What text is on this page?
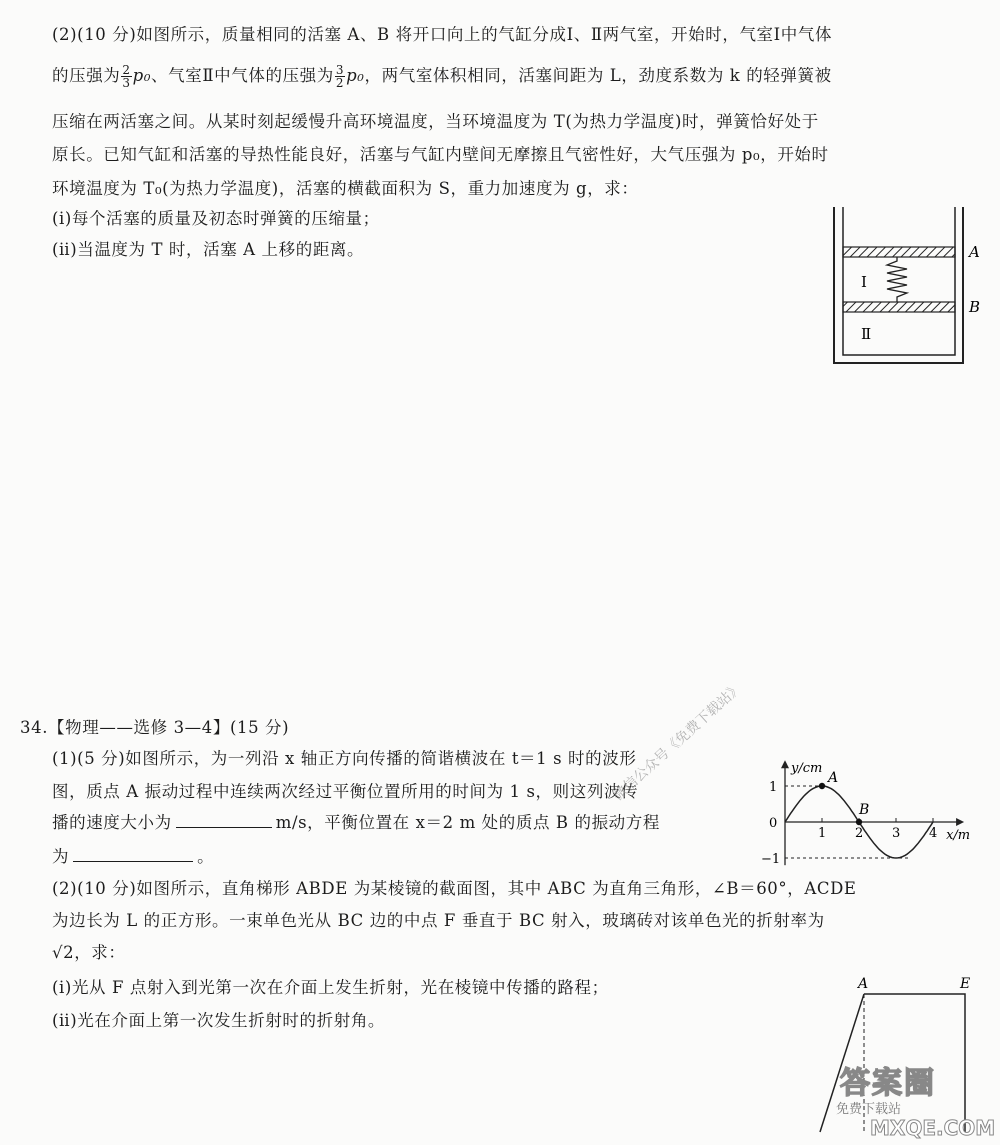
(2)(10 分)如图所示，质量相同的活塞 A、B 将开口向上的气缸分成Ⅰ、Ⅱ两气室，开始时，气室Ⅰ中气体
的压强为 $\frac{2}{3} p_0$、气室Ⅱ中气体的压强为 $\frac{3}{2} p_0$，两气室体积相同，活塞间距为 L，劲度系数为 k 的轻弹簧被
压缩在两活塞之间。从某时刻起缓慢升高环境温度，当环境温度为 T(为热力学温度)时，弹簧恰好处于
原长。已知气缸和活塞的导热性能良好，活塞与气缸内壁间无摩擦且气密性好，大气压强为 p₀，开始时
环境温度为 T₀(为热力学温度)，活塞的横截面积为 S，重力加速度为 g，求：
(ⅰ)每个活塞的质量及初态时弹簧的压缩量；
(ⅱ)当温度为 T 时，活塞 A 上移的距离。
Ⅰ
Ⅱ
A
B
34.【物理——选修 3—4】(15 分)
(1)(5 分)如图所示，为一列沿 x 轴正方向传播的简谐横波在 t＝1 s 时的波形
图，质点 A 振动过程中连续两次经过平衡位置所用的时间为 1 s，则这列波传
播的速度大小为	m/s，平衡位置在 x＝2 m 处的质点 B 的振动方程
为	。
1 2 3 4
1
−1
0
y/cm
x/m
A
B
(2)(10 分)如图所示，直角梯形 ABDE 为某棱镜的截面图，其中 ABC 为直角三角形，∠B＝60°，ACDE
为边长为 L 的正方形。一束单色光从 BC 边的中点 F 垂直于 BC 射入，玻璃砖对该单色光的折射率为
√2，求：
(ⅰ)光从 F 点射入到光第一次在介面上发生折射，光在棱镜中传播的路程；
(ⅱ)光在介面上第一次发生折射时的折射角。
A	E
微信公众号《免费下载站》
答案圈
免费下载站
MXQE.COM
